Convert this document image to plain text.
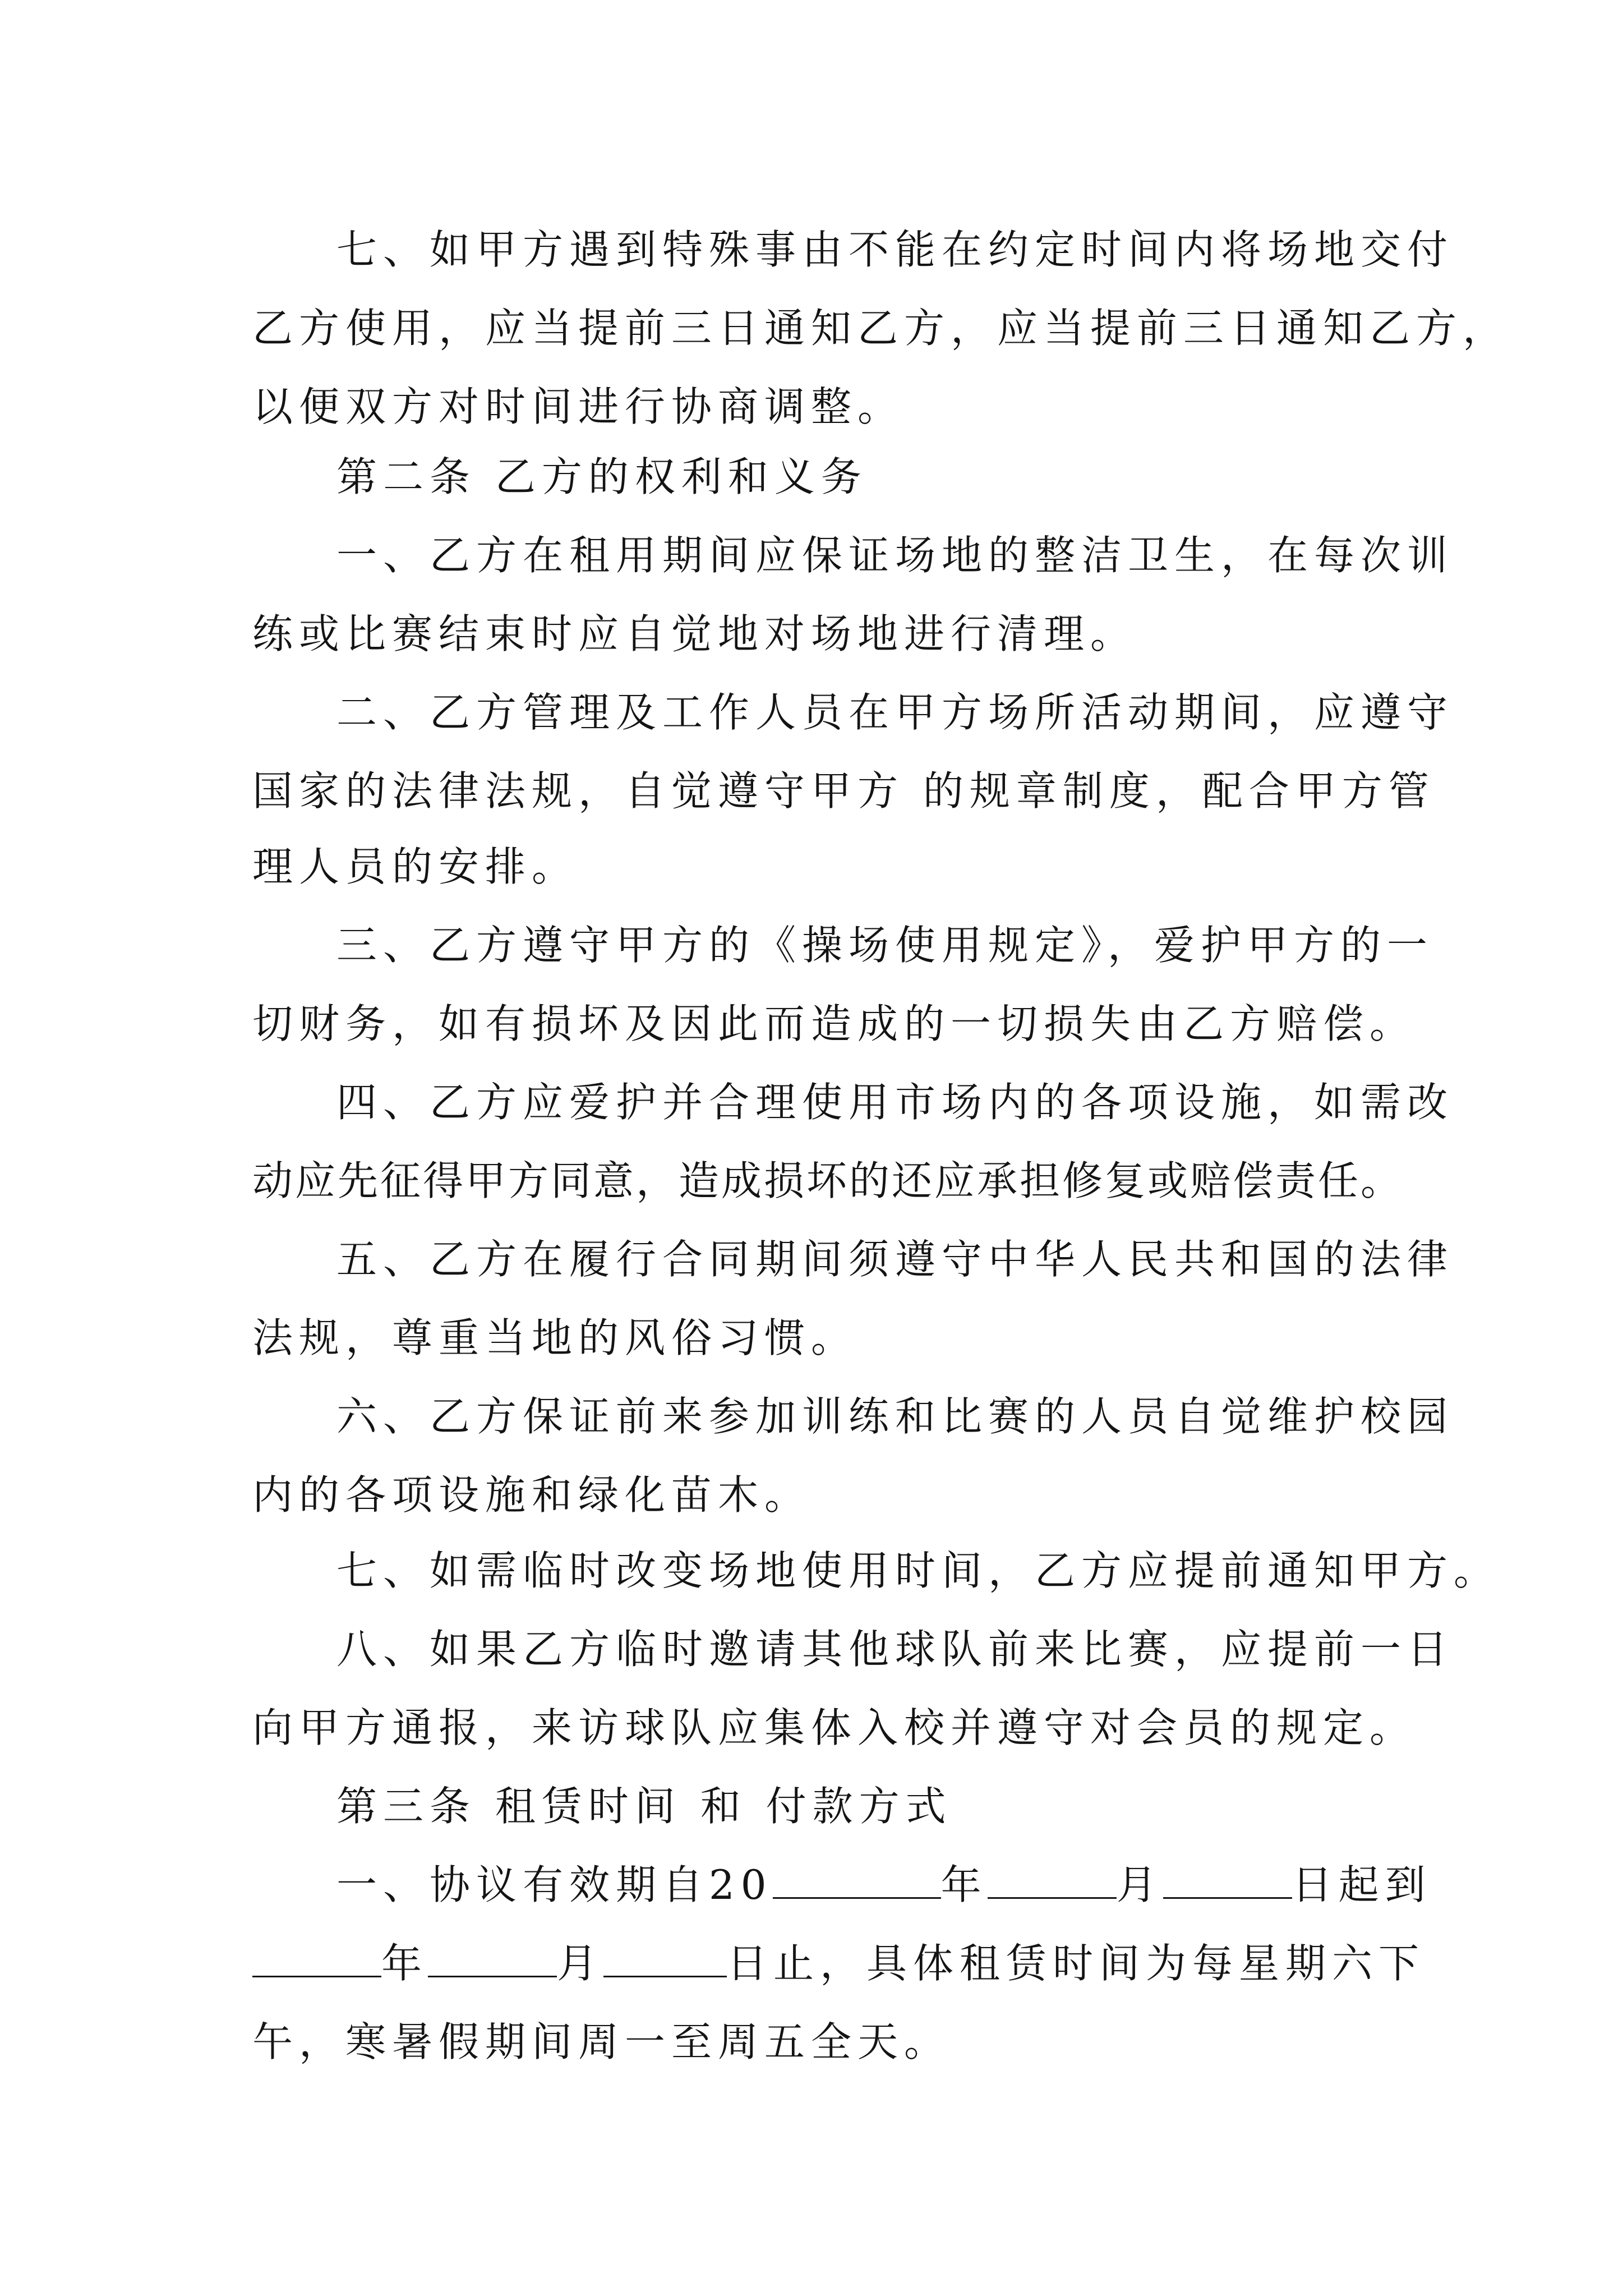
七、如甲方遇到特殊事由不能在约定时间内将场地交付
乙方使用，应当提前三日通知乙方，应当提前三日通知乙方，
以便双方对时间进行协商调整。
第二条 乙方的权利和义务
一、乙方在租用期间应保证场地的整洁卫生，在每次训
练或比赛结束时应自觉地对场地进行清理。
二、乙方管理及工作人员在甲方场所活动期间，应遵守
国家的法律法规，自觉遵守甲方 的规章制度，配合甲方管
理人员的安排。
三、乙方遵守甲方的《操场使用规定》，爱护甲方的一
切财务，如有损坏及因此而造成的一切损失由乙方赔偿。
四、乙方应爱护并合理使用市场内的各项设施，如需改
动应先征得甲方同意，造成损坏的还应承担修复或赔偿责任。
五、乙方在履行合同期间须遵守中华人民共和国的法律
法规，尊重当地的风俗习惯。
六、乙方保证前来参加训练和比赛的人员自觉维护校园
内的各项设施和绿化苗木。
七、如需临时改变场地使用时间，乙方应提前通知甲方。
八、如果乙方临时邀请其他球队前来比赛，应提前一日
向甲方通报，来访球队应集体入校并遵守对会员的规定。
第三条 租赁时间 和 付款方式
一、协议有效期自20	年	月	日起到
年	月	日止，具体租赁时间为每星期六下
午，寒暑假期间周一至周五全天。
